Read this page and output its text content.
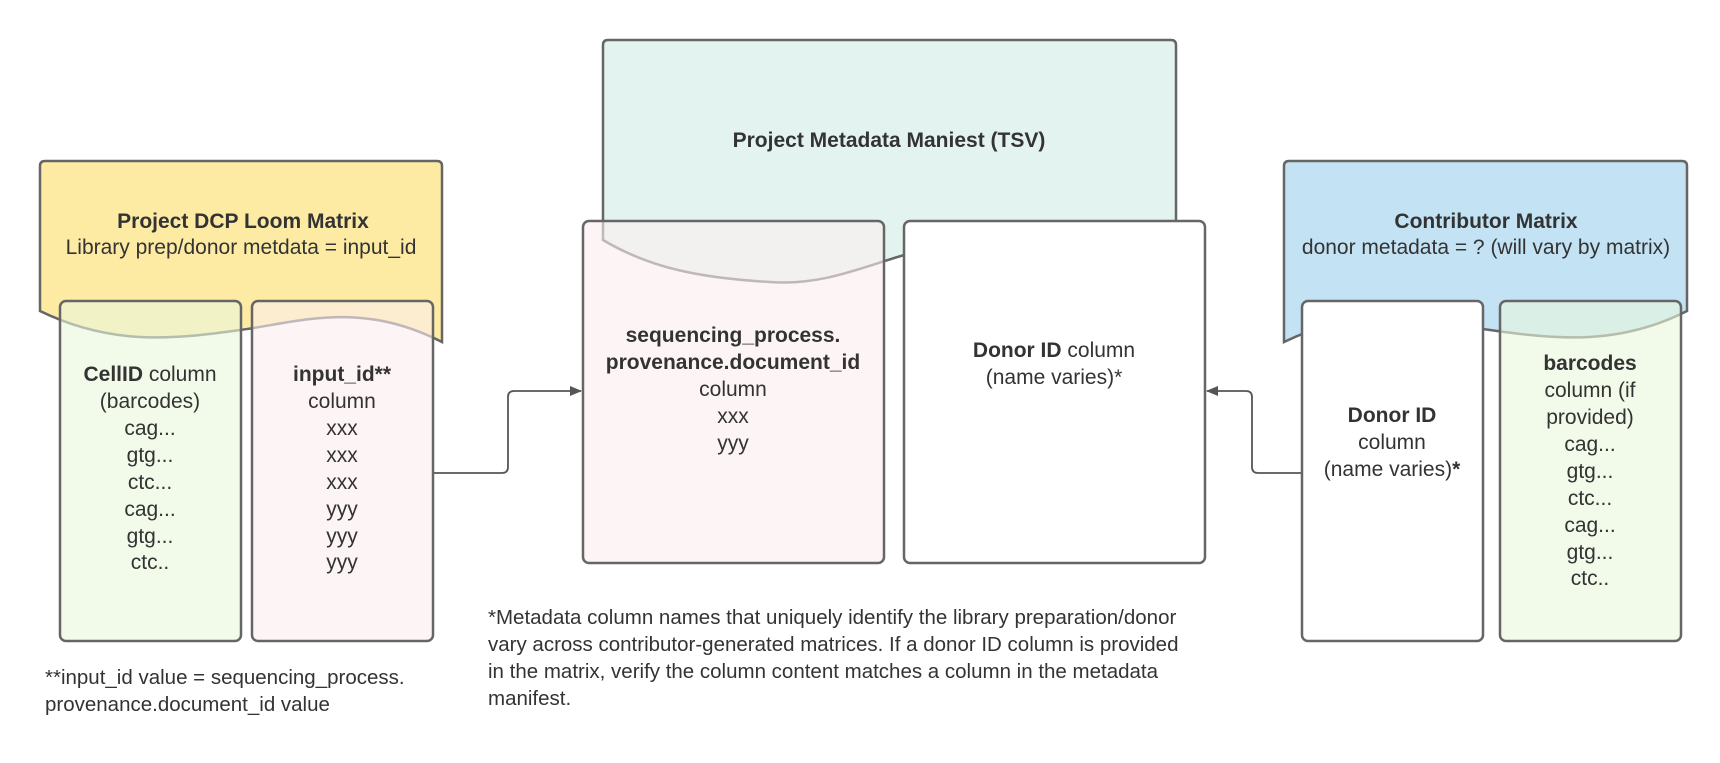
Project DCP Loom Matrix
Library prep/donor metdata = input_id
CellID column
(barcodes)
cag...
gtg...
ctc...
cag...
gtg...
ctc..
input_id**
column
xxx
xxx
xxx
yyy
yyy
yyy
Project Metadata Maniest (TSV)
sequencing_process.
provenance.document_id
column
xxx
yyy
Donor ID column
(name varies)*
Contributor Matrix
donor metadata = ? (will vary by matrix)
Donor ID
column
(name varies)*
barcodes
column (if
provided)
cag...
gtg...
ctc...
cag...
gtg...
ctc..
**input_id value = sequencing_process.
provenance.document_id value
*Metadata column names that uniquely identify the library preparation/donor
vary across contributor-generated matrices. If a donor ID column is provided
in the matrix, verify the column content matches a column in the metadata
manifest.
